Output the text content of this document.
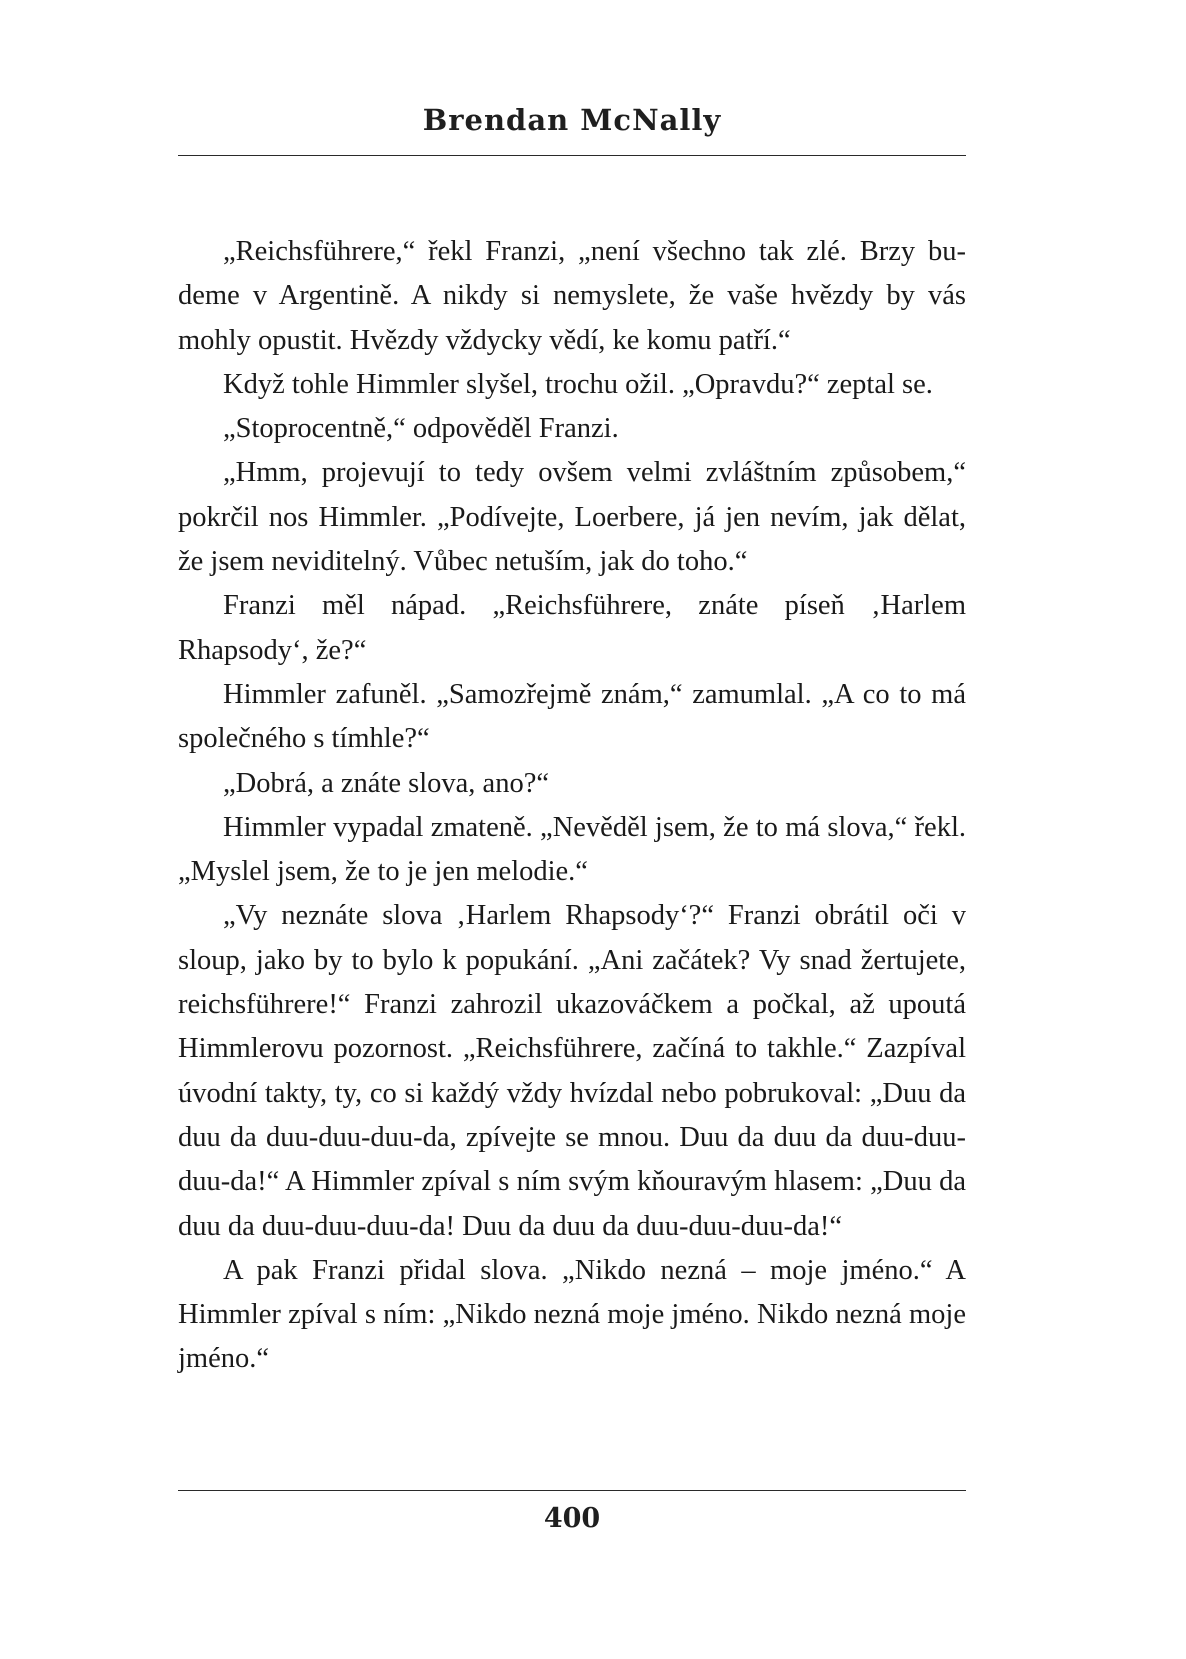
Brendan McNally

„Reichsführere,“ řekl Franzi, „není všechno tak zlé. Brzy budeme v Argentině. A nikdy si nemyslete, že vaše hvězdy by vás mohly opustit. Hvězdy vždycky vědí, ke komu patří.“

Když tohle Himmler slyšel, trochu ožil. „Opravdu?“ zeptal se.

„Stoprocentně,“ odpověděl Franzi.

„Hmm, projevují to tedy ovšem velmi zvláštním způsobem,“ pokrčil nos Himmler. „Podívejte, Loerbere, já jen nevím, jak dělat, že jsem neviditelný. Vůbec netuším, jak do toho.“

Franzi měl nápad. „Reichsführere, znáte píseň ‚Harlem Rhapsody‘, že?“

Himmler zafuněl. „Samozřejmě znám,“ zamumlal. „A co to má společného s tímhle?“

„Dobrá, a znáte slova, ano?“

Himmler vypadal zmateně. „Nevěděl jsem, že to má slova,“ řekl. „Myslel jsem, že to je jen melodie.“

„Vy neznáte slova ‚Harlem Rhapsody‘?“ Franzi obrátil oči v sloup, jako by to bylo k popukání. „Ani začátek? Vy snad žertujete, reichsführere!“ Franzi zahrozil ukazováčkem a počkal, až upoutá Himmlerovu pozornost. „Reichsführere, začíná to takhle.“ Zazpíval úvodní takty, ty, co si každý vždy hvízdal nebo pobrukoval: „Duu da duu da duu-duu-duu-da, zpívejte se mnou. Duu da duu da duu-duu-duu-da!“ A Himmler zpíval s ním svým kňouravým hlasem: „Duu da duu da duu-duu-duu-da! Duu da duu da duu-duu-duu-da!“

A pak Franzi přidal slova. „Nikdo nezná – moje jméno.“ A Himmler zpíval s ním: „Nikdo nezná moje jméno. Nikdo nezná moje jméno.“

400
